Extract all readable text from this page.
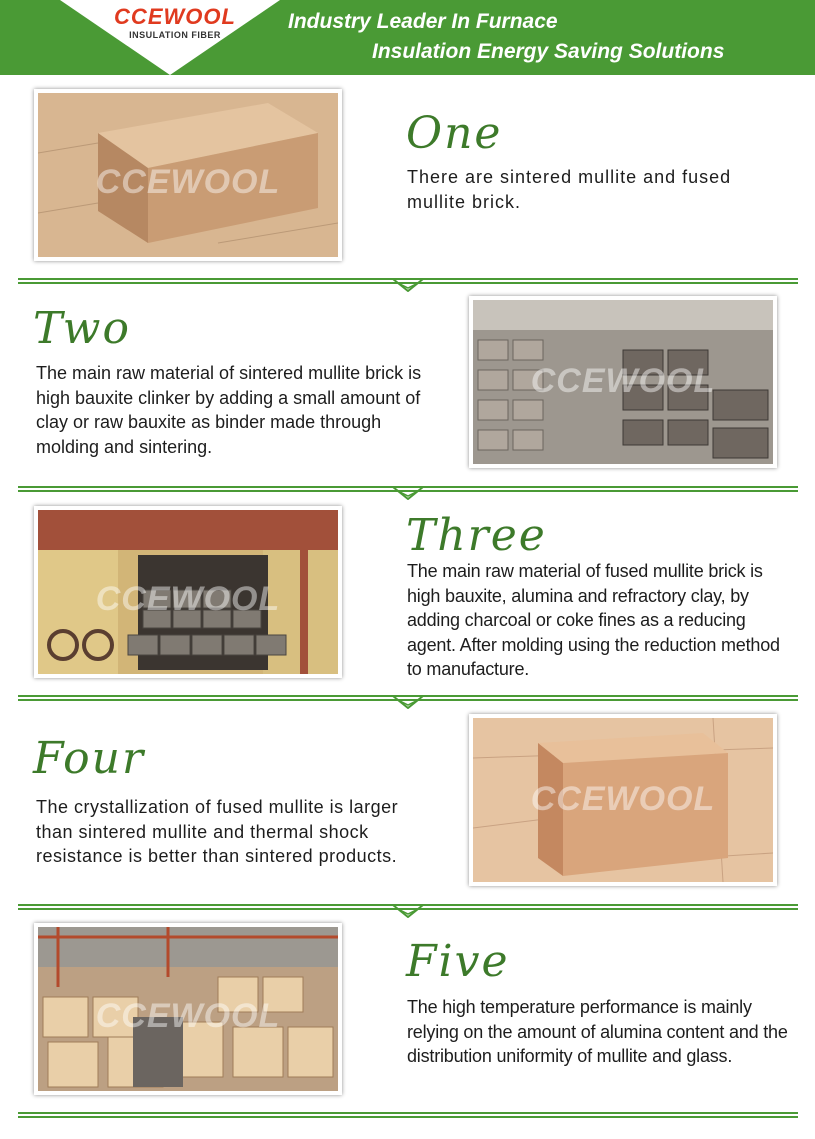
CCEWOOL
INSULATION FIBER
Industry Leader In Furnace
Insulation Energy Saving Solutions
CCEWOOL
One
There are sintered mullite and fused mullite brick.
Two
The main raw material of sintered mullite brick is high bauxite clinker by adding a small amount of clay or raw bauxite as binder made through molding and sintering.
CCEWOOL
CCEWOOL
Three
The main raw material of fused mullite brick is high bauxite, alumina and refractory clay, by adding charcoal or coke fines as a reducing agent. After molding using the reduction method to manufacture.
Four
The crystallization of fused mullite is larger than sintered mullite and thermal shock resistance is better than sintered products.
CCEWOOL
CCEWOOL
Five
The high temperature performance is mainly relying on the amount of alumina content and the distribution uniformity of mullite and glass.
